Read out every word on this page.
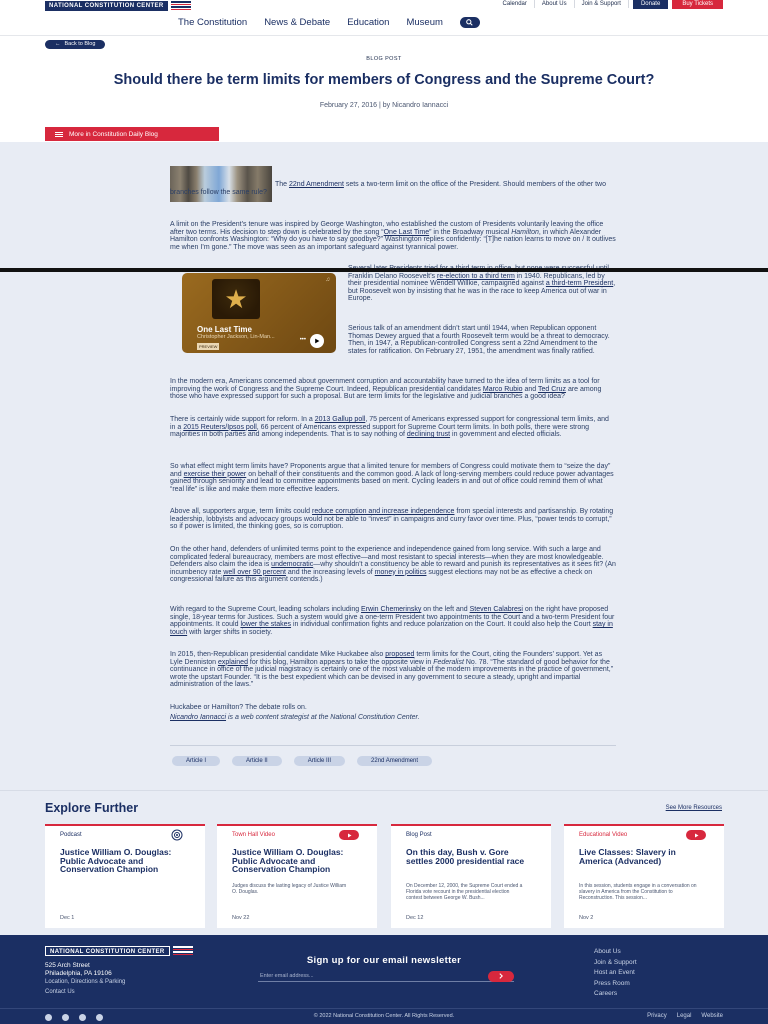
NATIONAL CONSTITUTION CENTER	Calendar	About Us	Join & Support	Donate	Buy Tickets
The Constitution News & Debate Education Museum
← Back to Blog
BLOG POST
Should there be term limits for members of Congress and the Supreme Court?
February 27, 2016 | by Nicandro Iannacci
More in Constitution Daily Blog

The 22nd Amendment sets a two-term limit on the office of the President. Should members of the other two branches follow the same rule?

A limit on the President’s tenure was inspired by George Washington, who established the custom of Presidents voluntarily leaving the office after two terms. His decision to step down is celebrated by the song “One Last Time” in the Broadway musical Hamilton, in which Alexander Hamilton confronts Washington: “Why do you have to say goodbye?” Washington replies confidently: “[T]he nation learns to move on / It outlives me when I’m gone.” The move was seen as an important safeguard against tyrannical power.

★
♫
One Last Time
Christopher Jackson, Lin-Man...
PREVIEW
•••

Franklin Delano Roosevelt’s re-election to a third term in 1940. Republicans, led by their presidential nominee Wendell Willkie, campaigned against a third-term President, but Roosevelt won by insisting that he was in the race to keep America out of war in Europe.

Serious talk of an amendment didn’t start until 1944, when Republican opponent Thomas Dewey argued that a fourth Roosevelt term would be a threat to democracy. Then, in 1947, a Republican-controlled Congress sent a 22nd Amendment to the states for ratification. On February 27, 1951, the amendment was finally ratified.

In the modern era, Americans concerned about government corruption and accountability have turned to the idea of term limits as a tool for improving the work of Congress and the Supreme Court. Indeed, Republican presidential candidates Marco Rubio and Ted Cruz are among those who have expressed support for such a proposal. But are term limits for the legislative and judicial branches a good idea?

There is certainly wide support for reform. In a 2013 Gallup poll, 75 percent of Americans expressed support for congressional term limits, and in a 2015 Reuters/Ipsos poll, 66 percent of Americans expressed support for Supreme Court term limits. In both polls, there were strong majorities in both parties and among independents. That is to say nothing of declining trust in government and elected officials.

So what effect might term limits have? Proponents argue that a limited tenure for members of Congress could motivate them to “seize the day” and exercise their power on behalf of their constituents and the common good. A lack of long-serving members could reduce power advantages gained through seniority and lead to committee appointments based on merit. Cycling leaders in and out of office could remind them of what “real life” is like and make them more effective leaders.

Above all, supporters argue, term limits could reduce corruption and increase independence from special interests and partisanship. By rotating leadership, lobbyists and advocacy groups would not be able to “invest” in campaigns and curry favor over time. Plus, “power tends to corrupt,” so if power is limited, the thinking goes, so is corruption.

On the other hand, defenders of unlimited terms point to the experience and independence gained from long service. With such a large and complicated federal bureaucracy, members are most effective—and most resistant to special interests—when they are most knowledgeable. Defenders also claim the idea is undemocratic—why shouldn’t a constituency be able to reward and punish its representatives as it sees fit? (An incumbency rate well over 90 percent and the increasing levels of money in politics suggest elections may not be as effective a check on congressional failure as this argument contends.)

With regard to the Supreme Court, leading scholars including Erwin Chemerinsky on the left and Steven Calabresi on the right have proposed single, 18-year terms for Justices. Such a system would give a one-term President two appointments to the Court and a two-term President four appointments. It could lower the stakes in individual confirmation fights and reduce polarization on the Court. It could also help the Court stay in touch with larger shifts in society.

In 2015, then-Republican presidential candidate Mike Huckabee also proposed term limits for the Court, citing the Founders’ support. Yet as Lyle Denniston explained for this blog, Hamilton appears to take the opposite view in Federalist No. 78. “The standard of good behavior for the continuance in office of the judicial magistracy is certainly one of the most valuable of the modern improvements in the practice of government,” wrote the upstart Founder. “It is the best expedient which can be devised in any government to secure a steady, upright and impartial administration of the laws.”

Huckabee or Hamilton? The debate rolls on.

Nicandro Iannacci is a web content strategist at the National Constitution Center.

Article I	Article II	Article III	22nd Amendment
Explore Further	See More Resources
Podcast
Justice William O. Douglas: Public Advocate and Conservation Champion
Dec 1
Town Hall Video
Justice William O. Douglas: Public Advocate and Conservation Champion
Judges discuss the lasting legacy of Justice William O. Douglas.
Nov 22
Blog Post
On this day, Bush v. Gore settles 2000 presidential race
On December 12, 2000, the Supreme Court ended a Florida vote recount in the presidential election contest between George W. Bush...
Dec 12
Educational Video
Live Classes: Slavery in America (Advanced)
In this session, students engage in a conversation on slavery in America from the Constitution to Reconstruction. This session...
Nov 2
NATIONAL CONSTITUTION CENTER
525 Arch Street
Philadelphia, PA 19106
Location, Directions & Parking
Contact Us
Sign up for our email newsletter
Enter email address...
About Us
Join & Support
Host an Event
Press Room
Careers
© 2022 National Constitution Center. All Rights Reserved.	Privacy Legal Website
